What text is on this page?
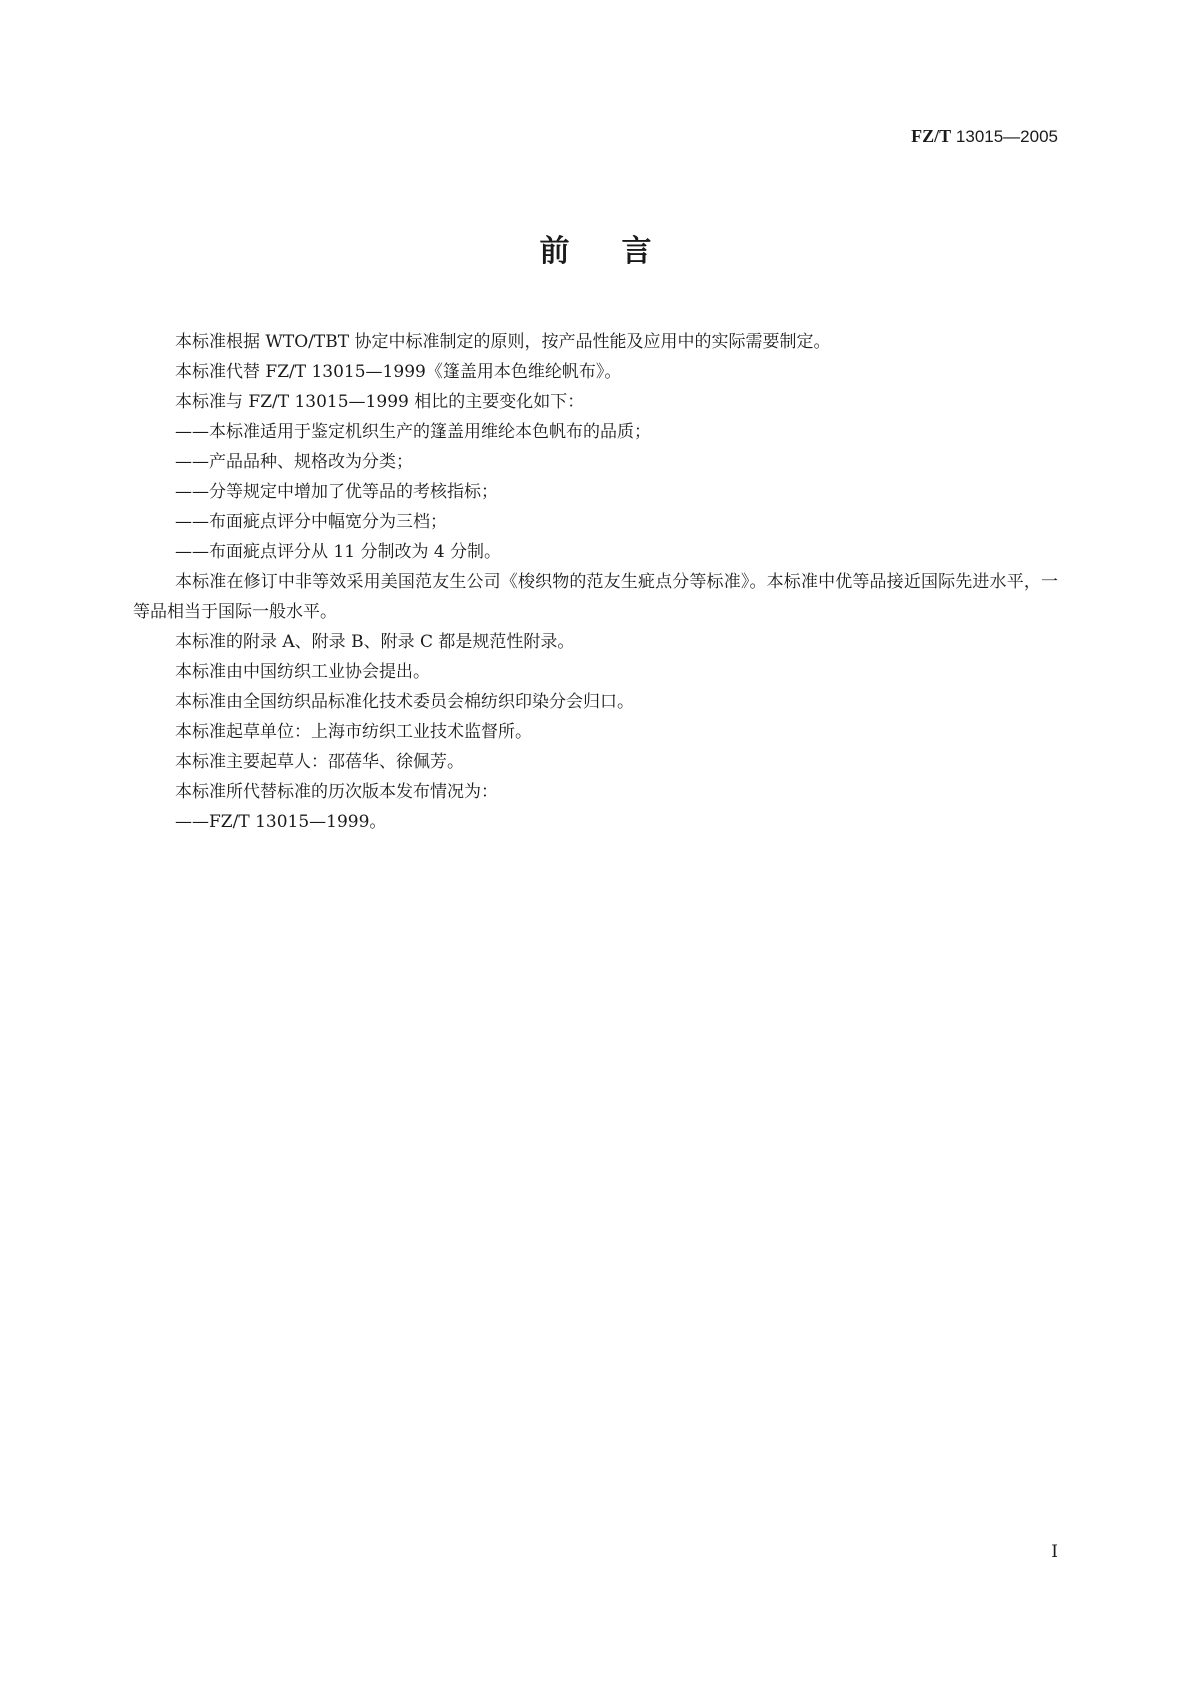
FZ/T 13015—2005
前言

本标准根据 WTO/TBT 协定中标准制定的原则，按产品性能及应用中的实际需要制定。

本标准代替 FZ/T 13015—1999《篷盖用本色维纶帆布》。

本标准与 FZ/T 13015—1999 相比的主要变化如下：

——本标准适用于鉴定机织生产的篷盖用维纶本色帆布的品质；

——产品品种、规格改为分类；

——分等规定中增加了优等品的考核指标；

——布面疵点评分中幅宽分为三档；

——布面疵点评分从 11 分制改为 4 分制。

本标准在修订中非等效采用美国范友生公司《梭织物的范友生疵点分等标准》。本标准中优等品接近国际先进水平，一等品相当于国际一般水平。

本标准的附录 A、附录 B、附录 C 都是规范性附录。

本标准由中国纺织工业协会提出。

本标准由全国纺织品标准化技术委员会棉纺织印染分会归口。

本标准起草单位：上海市纺织工业技术监督所。

本标准主要起草人：邵蓓华、徐佩芳。

本标准所代替标准的历次版本发布情况为：

——FZ/T 13015—1999。

I
